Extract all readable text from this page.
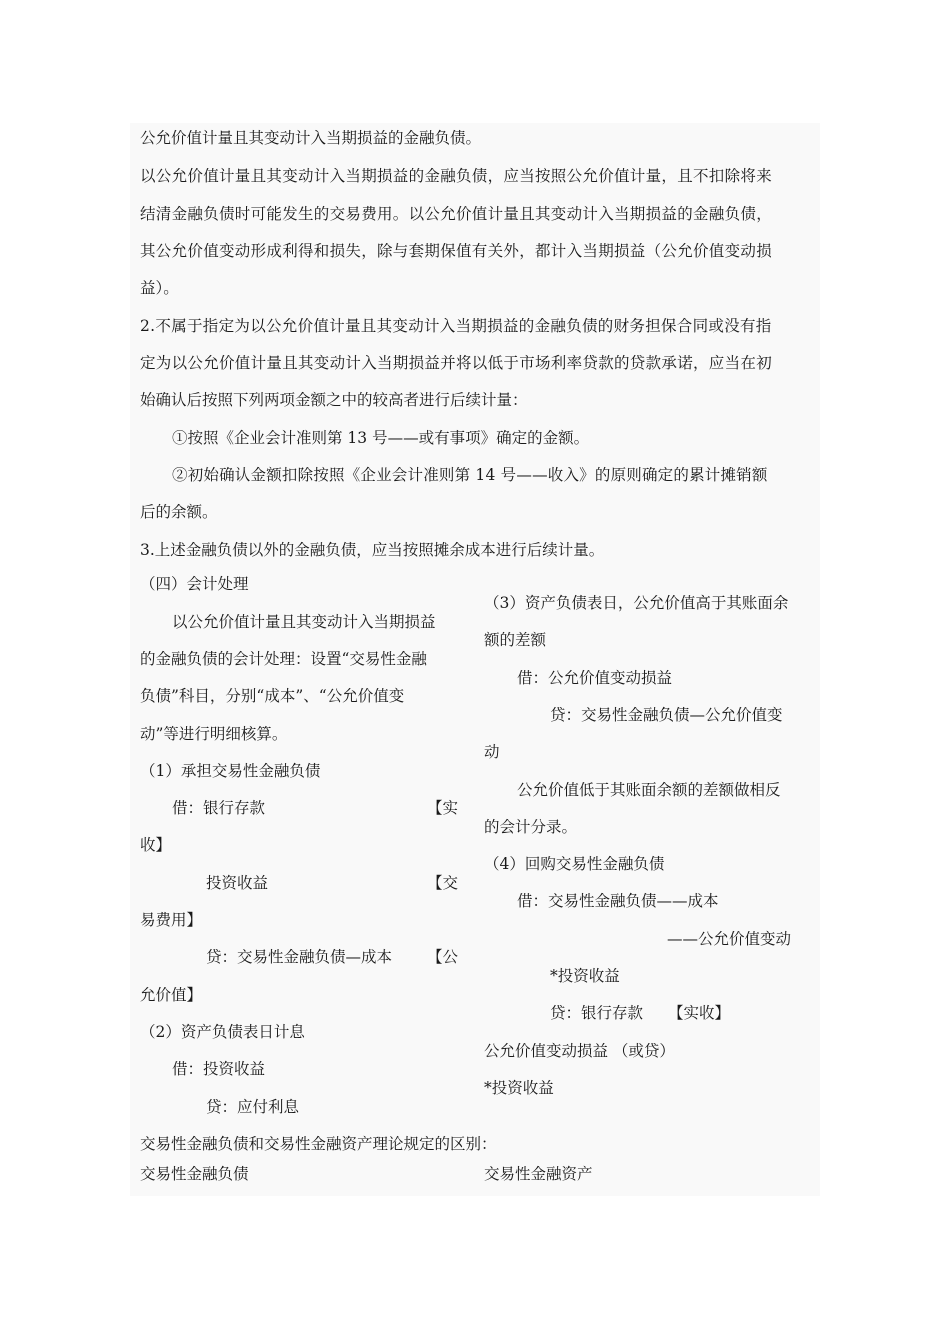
公允价值计量且其变动计入当期损益的金融负债。
以公允价值计量且其变动计入当期损益的金融负债，应当按照公允价值计量，且不扣除将来
结清金融负债时可能发生的交易费用。以公允价值计量且其变动计入当期损益的金融负债，
其公允价值变动形成利得和损失，除与套期保值有关外，都计入当期损益（公允价值变动损
益）。
2.不属于指定为以公允价值计量且其变动计入当期损益的金融负债的财务担保合同或没有指
定为以公允价值计量且其变动计入当期损益并将以低于市场利率贷款的贷款承诺，应当在初
始确认后按照下列两项金额之中的较高者进行后续计量：
①按照《企业会计准则第 13 号——或有事项》确定的金额。
②初始确认金额扣除按照《企业会计准则第 14 号——收入》的原则确定的累计摊销额
后的余额。
3.上述金融负债以外的金融负债，应当按照摊余成本进行后续计量。
（四）会计处理
以公允价值计量且其变动计入当期损益
的金融负债的会计处理：设置“交易性金融
负债”科目，分别“成本”、“公允价值变
动”等进行明细核算。
（1）承担交易性金融负债
借：银行存款	【实
收】
投资收益	【交
易费用】
贷：交易性金融负债—成本 【公
允价值】
（2）资产负债表日计息
借：投资收益
贷：应付利息
（3）资产负债表日，公允价值高于其账面余
额的差额
借：公允价值变动损益
贷：交易性金融负债—公允价值变
动
公允价值低于其账面余额的差额做相反
的会计分录。
（4）回购交易性金融负债
借：交易性金融负债——成本
——公允价值变动
*投资收益
贷：银行存款 【实收】
公允价值变动损益 （或贷）
*投资收益
交易性金融负债和交易性金融资产理论规定的区别：
交易性金融负债	交易性金融资产
